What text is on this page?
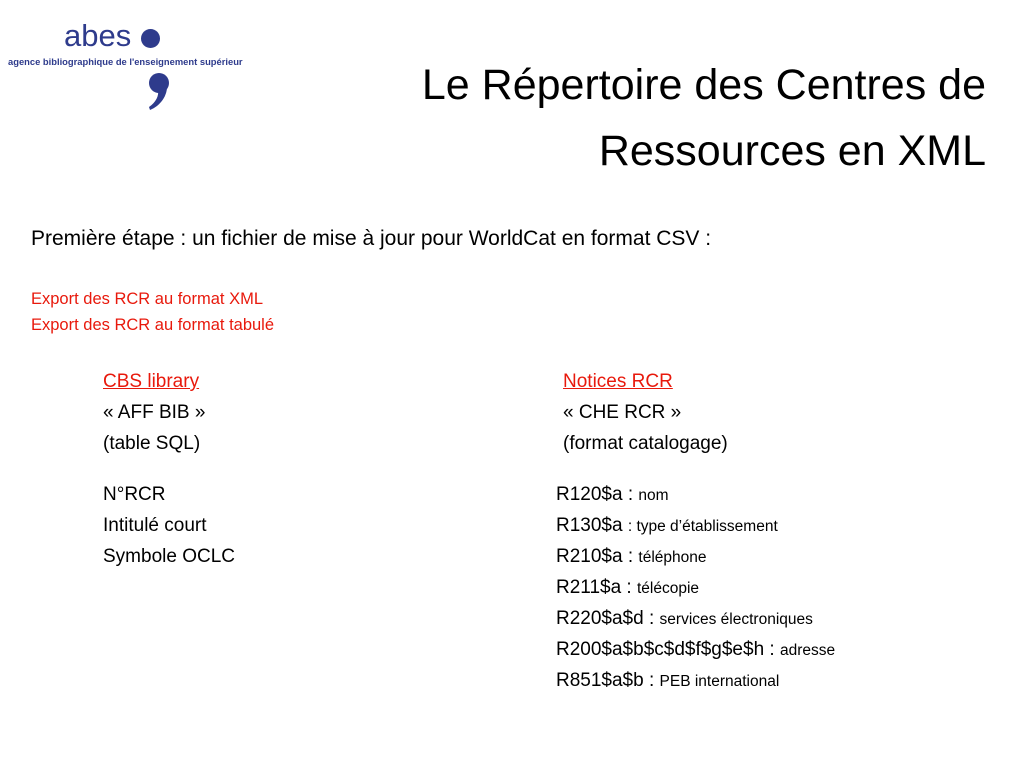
abes
agence bibliographique de l'enseignement supérieur	Le Répertoire des Centres de
Ressources en XML
Première étape : un fichier de mise à jour pour WorldCat en format CSV :
Export des RCR au format XML
Export des RCR au format tabulé
CBS library
« AFF BIB »
(table SQL)
Notices RCR
« CHE RCR »
(format catalogage)
N°RCR
Intitulé court
Symbole OCLC
R120$a : nom
R130$a : type d’établissement
R210$a : téléphone
R211$a : télécopie
R220$a$d : services électroniques
R200$a$b$c$d$f$g$e$h : adresse
R851$a$b : PEB international
